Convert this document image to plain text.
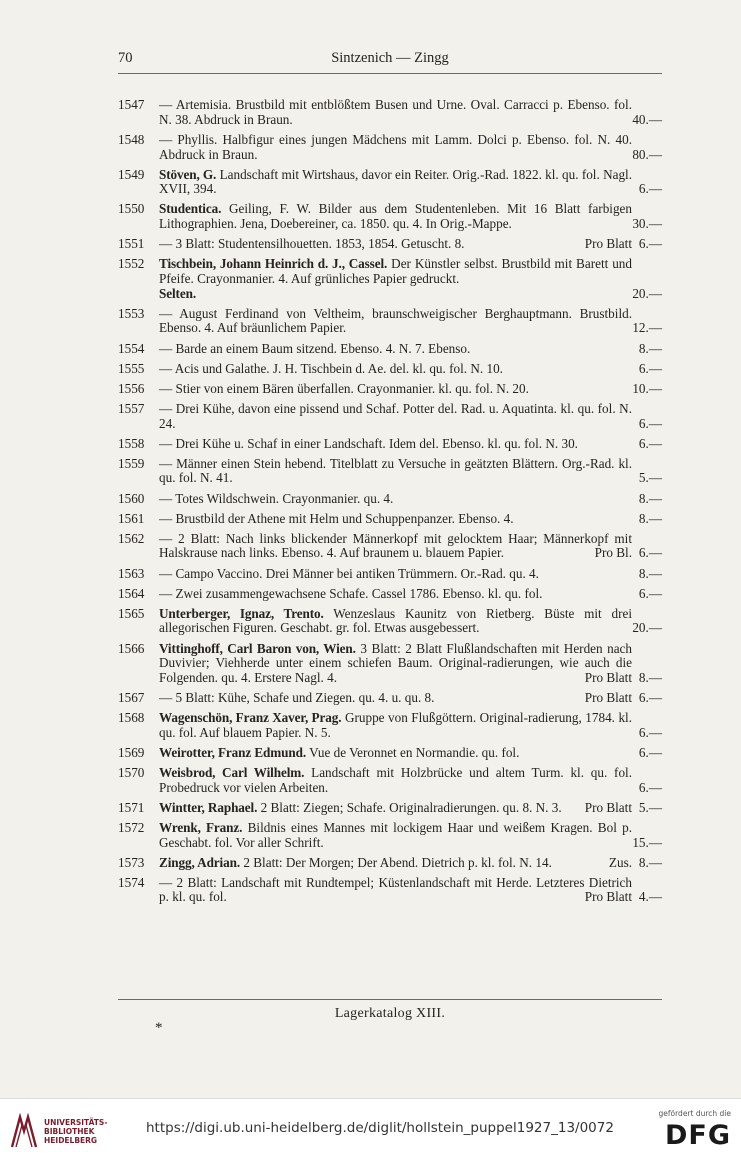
70	Sintzenich — Zingg
1547 — Artemisia. Brustbild mit entblößtem Busen und Urne. Oval. Carracci p. Ebenso. fol. N. 38. Abdruck in Braun.	40.—
1548 — Phyllis. Halbfigur eines jungen Mädchens mit Lamm. Dolci p. Ebenso. fol. N. 40. Abdruck in Braun.	80.—
1549 Stöven, G. Landschaft mit Wirtshaus, davor ein Reiter. Orig.-Rad. 1822. kl. qu. fol. Nagl. XVII, 394.	6.—
1550 Studentica. Geiling, F. W. Bilder aus dem Studentenleben. Mit 16 Blatt farbigen Lithographien. Jena, Doebereiner, ca. 1850. qu. 4. In Orig.-Mappe.	30.—
1551 — 3 Blatt: Studentensilhouetten. 1853, 1854. Getuscht. 8.	Pro Blatt 6.—
1552 Tischbein, Johann Heinrich d. J., Cassel. Der Künstler selbst. Brustbild mit Barett und Pfeife. Crayonmanier. 4. Auf grünliches Papier gedruckt.
Selten.	20.—
1553 — August Ferdinand von Veltheim, braunschweigischer Berghauptmann. Brustbild. Ebenso. 4. Auf bräunlichem Papier.	12.—
1554 — Barde an einem Baum sitzend. Ebenso. 4. N. 7. Ebenso.	8.—
1555 — Acis und Galathe. J. H. Tischbein d. Ae. del. kl. qu. fol. N. 10.	6.—
1556 — Stier von einem Bären überfallen. Crayonmanier. kl. qu. fol. N. 20.	10.—
1557 — Drei Kühe, davon eine pissend und Schaf. Potter del. Rad. u. Aquatinta. kl. qu. fol. N. 24.	6.—
1558 — Drei Kühe u. Schaf in einer Landschaft. Idem del. Ebenso. kl. qu. fol. N. 30.	6.—
1559 — Männer einen Stein hebend. Titelblatt zu Versuche in geätzten Blättern. Org.-Rad. kl. qu. fol. N. 41.	5.—
1560 — Totes Wildschwein. Crayonmanier. qu. 4.	8.—
1561 — Brustbild der Athene mit Helm und Schuppenpanzer. Ebenso. 4.	8.—
1562 — 2 Blatt: Nach links blickender Männerkopf mit gelocktem Haar; Männerkopf mit Halskrause nach links. Ebenso. 4. Auf braunem u. blauem Papier.	Pro Bl. 6.—
1563 — Campo Vaccino. Drei Männer bei antiken Trümmern. Or.-Rad. qu. 4.	8.—
1564 — Zwei zusammengewachsene Schafe. Cassel 1786. Ebenso. kl. qu. fol.	6.—
1565 Unterberger, Ignaz, Trento. Wenzeslaus Kaunitz von Rietberg. Büste mit drei allegorischen Figuren. Geschabt. gr. fol. Etwas ausgebessert.	20.—
1566 Vittinghoff, Carl Baron von, Wien. 3 Blatt: 2 Blatt Flußlandschaften mit Herden nach Duvivier; Viehherde unter einem schiefen Baum. Original-radierungen, wie auch die Folgenden. qu. 4. Erstere Nagl. 4.	Pro Blatt 8.—
1567 — 5 Blatt: Kühe, Schafe und Ziegen. qu. 4. u. qu. 8.	Pro Blatt 6.—
1568 Wagenschön, Franz Xaver, Prag. Gruppe von Flußgöttern. Original-radierung, 1784. kl. qu. fol. Auf blauem Papier. N. 5.	6.—
1569 Weirotter, Franz Edmund. Vue de Veronnet en Normandie. qu. fol.	6.—
1570 Weisbrod, Carl Wilhelm. Landschaft mit Holzbrücke und altem Turm. kl. qu. fol. Probedruck vor vielen Arbeiten.	6.—
1571 Wintter, Raphael. 2 Blatt: Ziegen; Schafe. Originalradierungen. qu. 8. N. 3.	Pro Blatt 5.—
1572 Wrenk, Franz. Bildnis eines Mannes mit lockigem Haar und weißem Kragen. Bol p. Geschabt. fol. Vor aller Schrift.	15.—
1573 Zingg, Adrian. 2 Blatt: Der Morgen; Der Abend. Dietrich p. kl. fol. N. 14.	Zus. 8.—
1574 — 2 Blatt: Landschaft mit Rundtempel; Küstenlandschaft mit Herde. Letzteres Dietrich p. kl. qu. fol.	Pro Blatt 4.—
Lagerkatalog XIII.
*
UNIVERSITÄTS-
BIBLIOTHEK
HEIDELBERG
https://digi.ub.uni-heidelberg.de/diglit/hollstein_puppel1927_13/0072
gefördert durch die
DFG
